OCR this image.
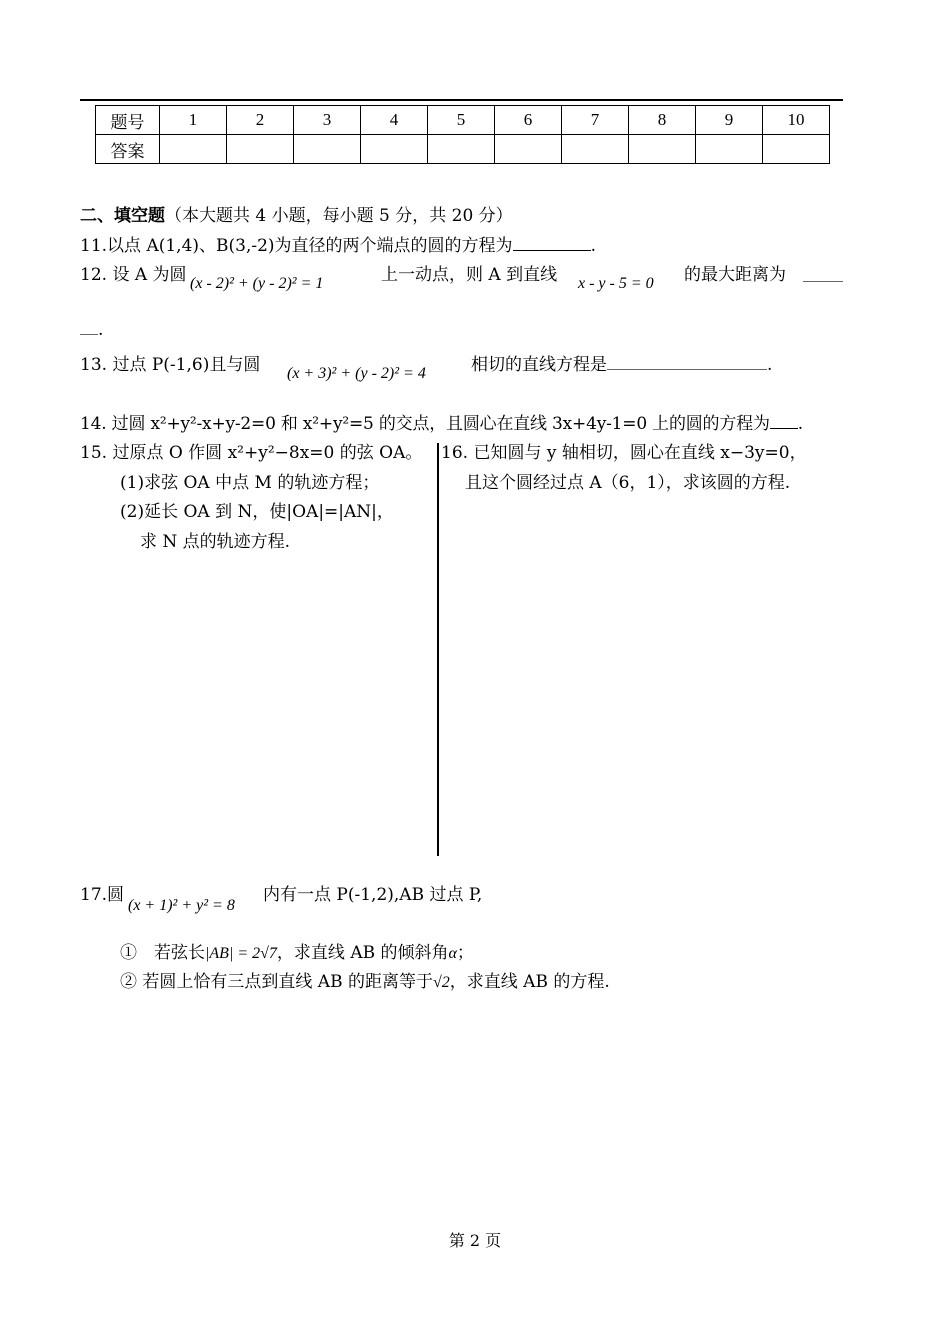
题号	1	2	3	4	5	6	7	8	9	10
答案										
二、填空题（本大题共 4 小题，每小题 5 分，共 20 分）
11.以点 A(1,4)、B(3,-2)为直径的两个端点的圆的方程为	.
12. 设 A 为圆 (x - 2)² + (y - 2)² = 1	上一动点，则 A 到直线 x - y - 5 = 0 的最大距离为
.
13. 过点 P(-1,6)且与圆 (x + 3)² + (y - 2)² = 4	相切的直线方程是	.
14. 过圆 x²+y²-x+y-2=0 和 x²+y²=5 的交点，且圆心在直线 3x+4y-1=0 上的圆的方程为 .
15. 过原点 O 作圆 x²+y²−8x=0 的弦 OA。
(1)求弦 OA 中点 M 的轨迹方程；
(2)延长 OA 到 N，使|OA|=|AN|，
求 N 点的轨迹方程.
16. 已知圆与 y 轴相切，圆心在直线 x−3y=0，
且这个圆经过点 A（6，1），求该圆的方程.
17.圆
(x + 1)² + y² = 8
内有一点 P(-1,2),AB 过点 P,
①　若弦长|AB| = 2√7，求直线 AB 的倾斜角α；
② 若圆上恰有三点到直线 AB 的距离等于√2，求直线 AB 的方程.
第 2 页
